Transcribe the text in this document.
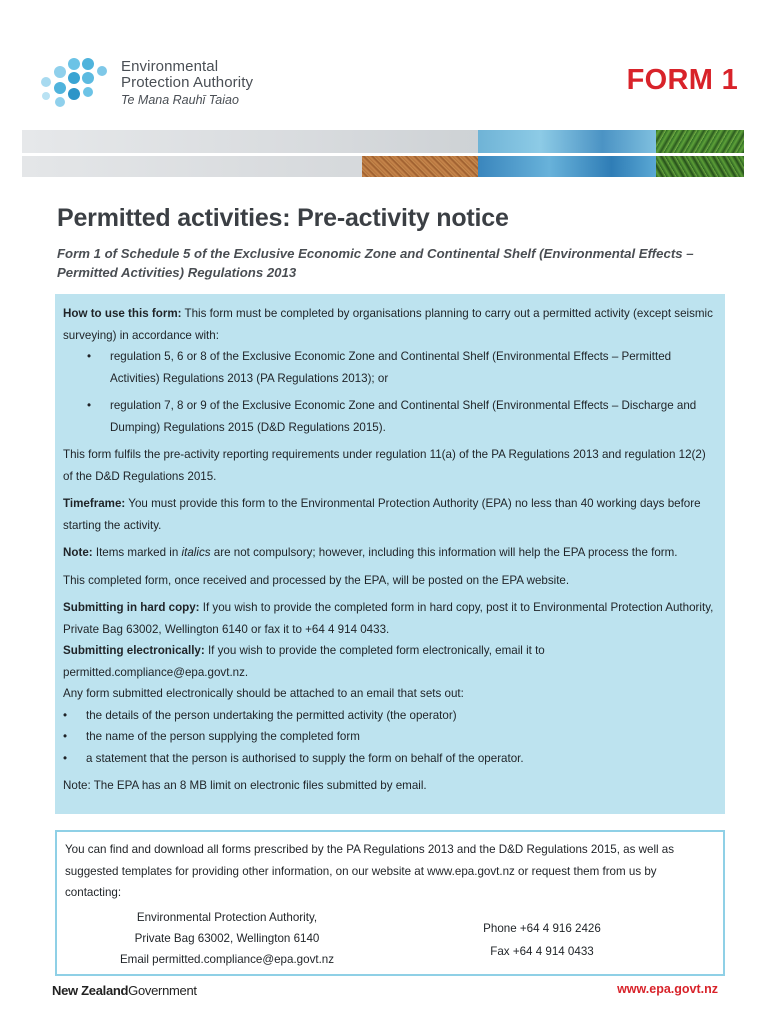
Environmental
Protection Authority
Te Mana Rauhī Taiao
FORM 1
Permitted activities: Pre-activity notice
Form 1 of Schedule 5 of the Exclusive Economic Zone and Continental Shelf (Environmental Effects – Permitted Activities) Regulations 2013

How to use this form: This form must be completed by organisations planning to carry out a permitted activity (except seismic surveying) in accordance with:

• regulation 5, 6 or 8 of the Exclusive Economic Zone and Continental Shelf (Environmental Effects – Permitted Activities) Regulations 2013 (PA Regulations 2013); or
• regulation 7, 8 or 9 of the Exclusive Economic Zone and Continental Shelf (Environmental Effects – Discharge and Dumping) Regulations 2015 (D&D Regulations 2015).

This form fulfils the pre-activity reporting requirements under regulation 11(a) of the PA Regulations 2013 and regulation 12(2) of the D&D Regulations 2015.

Timeframe: You must provide this form to the Environmental Protection Authority (EPA) no less than 40 working days before starting the activity.

Note: Items marked in italics are not compulsory; however, including this information will help the EPA process the form.

This completed form, once received and processed by the EPA, will be posted on the EPA website.

Submitting in hard copy: If you wish to provide the completed form in hard copy, post it to Environmental Protection Authority, Private Bag 63002, Wellington 6140 or fax it to +64 4 914 0433.

Submitting electronically: If you wish to provide the completed form electronically, email it to permitted.compliance@epa.govt.nz.

Any form submitted electronically should be attached to an email that sets out:

• the details of the person undertaking the permitted activity (the operator)
• the name of the person supplying the completed form
• a statement that the person is authorised to supply the form on behalf of the operator.

Note: The EPA has an 8 MB limit on electronic files submitted by email.

You can find and download all forms prescribed by the PA Regulations 2013 and the D&D Regulations 2015, as well as suggested templates for providing other information, on our website at www.epa.govt.nz or request them from us by contacting:

Environmental Protection Authority,
Private Bag 63002, Wellington 6140
Email permitted.compliance@epa.govt.nz
Phone +64 4 916 2426
Fax +64 4 914 0433
New ZealandGovernment	www.epa.govt.nz
